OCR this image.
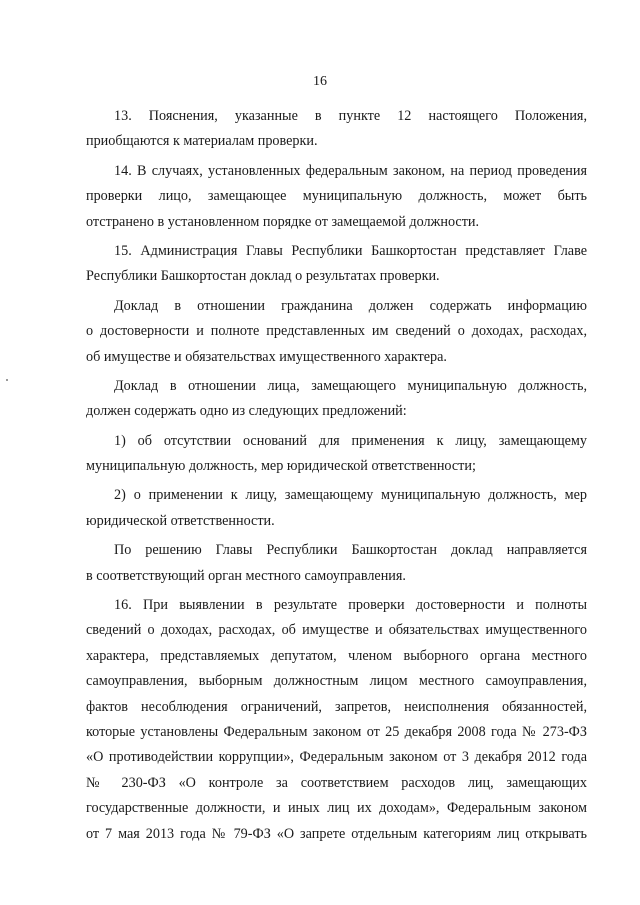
16
13. Пояснения, указанные в пункте 12 настоящего Положения,
приобщаются к материалам проверки.
14. В случаях, установленных федеральным законом, на период проведения
проверки лицо, замещающее муниципальную должность, может быть
отстранено в установленном порядке от замещаемой должности.
15. Администрация Главы Республики Башкортостан представляет Главе
Республики Башкортостан доклад о результатах проверки.
Доклад в отношении гражданина должен содержать информацию
о достоверности и полноте представленных им сведений о доходах, расходах,
об имуществе и обязательствах имущественного характера.
Доклад в отношении лица, замещающего муниципальную должность,
должен содержать одно из следующих предложений:
1) об отсутствии оснований для применения к лицу, замещающему
муниципальную должность, мер юридической ответственности;
2) о применении к лицу, замещающему муниципальную должность, мер
юридической ответственности.
По решению Главы Республики Башкортостан доклад направляется
в соответствующий орган местного самоуправления.
16. При выявлении в результате проверки достоверности и полноты
сведений о доходах, расходах, об имуществе и обязательствах имущественного
характера, представляемых депутатом, членом выборного органа местного
самоуправления, выборным должностным лицом местного самоуправления,
фактов несоблюдения ограничений, запретов, неисполнения обязанностей,
которые установлены Федеральным законом от 25 декабря 2008 года № 273-ФЗ
«О противодействии коррупции», Федеральным законом от 3 декабря 2012 года
№ 230-ФЗ «О контроле за соответствием расходов лиц, замещающих
государственные должности, и иных лиц их доходам», Федеральным законом
от 7 мая 2013 года № 79-ФЗ «О запрете отдельным категориям лиц открывать
